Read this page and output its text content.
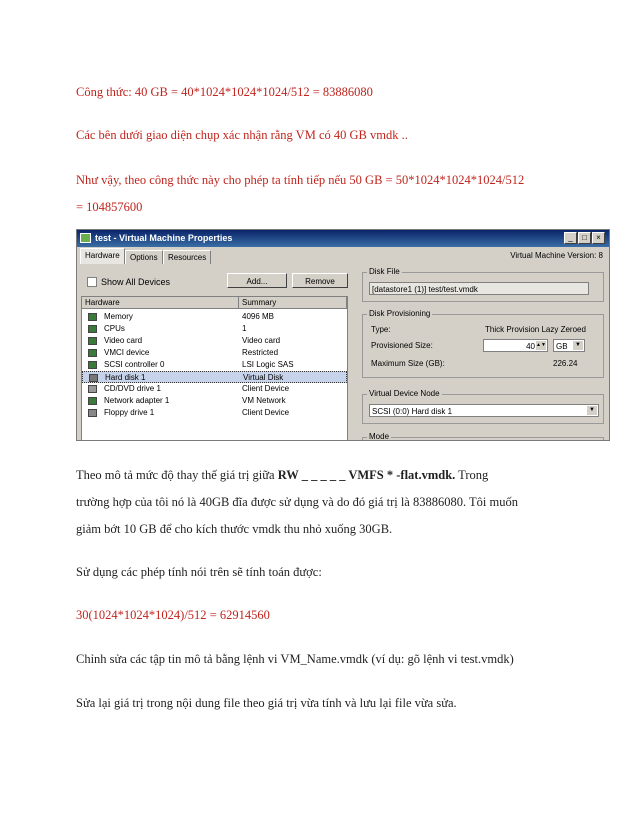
Công thức: 40 GB = 40*1024*1024*1024/512 = 83886080
Các bên dưới giao diện chụp xác nhận rằng VM có 40 GB vmdk ..
Như vậy, theo công thức này cho phép ta tính tiếp nếu 50 GB = 50*1024*1024*1024/512
= 104857600
test - Virtual Machine Properties	_	□	×
Hardware	Options	Resources	Virtual Machine Version: 8
Show All Devices	Add...	Remove
Hardware	Summary
Memory	4096 MB
CPUs	1
Video card	Video card
VMCI device	Restricted
SCSI controller 0	LSI Logic SAS
Hard disk 1	Virtual Disk
CD/DVD drive 1	Client Device
Network adapter 1	VM Network
Floppy drive 1	Client Device
Disk File
[datastore1 (1)] test/test.vmdk
Disk Provisioning
Type:	Thick Provision Lazy Zeroed
Provisioned Size:	40 ▲▼	GB	▼
Maximum Size (GB):	226.24
Virtual Device Node
SCSI (0:0) Hard disk 1	▼
Mode
Theo mô tả mức độ thay thế giá trị giữa RW _ _ _ _ _ VMFS * -flat.vmdk. Trong
trường hợp của tôi nó là 40GB đĩa được sử dụng và do đó giá trị là 83886080. Tôi muốn
giảm bớt 10 GB để cho kích thước vmdk thu nhỏ xuống 30GB.
Sử dụng các phép tính nói trên sẽ tính toán được:
30(1024*1024*1024)/512 = 62914560
Chỉnh sửa các tập tin mô tả bằng lệnh vi VM_Name.vmdk (ví dụ: gõ lệnh vi test.vmdk)
Sửa lại giá trị trong nội dung file theo giá trị vừa tính và lưu lại file vừa sửa.
